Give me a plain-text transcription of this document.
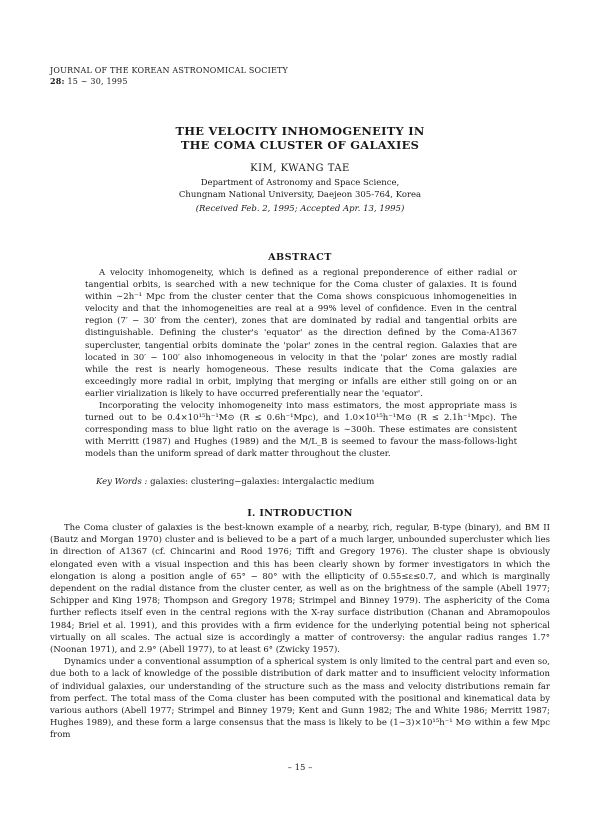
JOURNAL OF THE KOREAN ASTRONOMICAL SOCIETY
28: 15 ∼ 30, 1995
THE VELOCITY INHOMOGENEITY IN
THE COMA CLUSTER OF GALAXIES
KIM, KWANG TAE
Department of Astronomy and Space Science,
Chungnam National University, Daejeon 305-764, Korea
(Received Feb. 2, 1995; Accepted Apr. 13, 1995)
ABSTRACT

A velocity inhomogeneity, which is defined as a regional preponderence of either radial or tangential orbits, is searched with a new technique for the Coma cluster of galaxies. It is found within ∼2h⁻¹ Mpc from the cluster center that the Coma shows conspicuous inhomogeneities in velocity and that the inhomogeneities are real at a 99% level of confidence. Even in the central region (7′ − 30′ from the center), zones that are dominated by radial and tangential orbits are distinguishable. Defining the cluster's 'equator' as the direction defined by the Coma-A1367 supercluster, tangential orbits dominate the 'polar' zones in the central region. Galaxies that are located in 30′ − 100′ also inhomogeneous in velocity in that the 'polar' zones are mostly radial while the rest is nearly homogeneous. These results indicate that the Coma galaxies are exceedingly more radial in orbit, implying that merging or infalls are either still going on or an earlier virialization is likely to have occurred preferentially near the 'equator'.

Incorporating the velocity inhomogeneity into mass estimators, the most appropriate mass is turned out to be 0.4×10¹⁵h⁻¹M⊙ (R ≤ 0.6h⁻¹Mpc), and 1.0×10¹⁵h⁻¹M⊙ (R ≤ 2.1h⁻¹Mpc). The corresponding mass to blue light ratio on the average is ∼300h. These estimates are consistent with Merritt (1987) and Hughes (1989) and the M/L_B is seemed to favour the mass-follows-light models than the uniform spread of dark matter throughout the cluster.

Key Words : galaxies: clustering−galaxies: intergalactic medium
I. INTRODUCTION

The Coma cluster of galaxies is the best-known example of a nearby, rich, regular, B-type (binary), and BM II (Bautz and Morgan 1970) cluster and is believed to be a part of a much larger, unbounded supercluster which lies in direction of A1367 (cf. Chincarini and Rood 1976; Tifft and Gregory 1976). The cluster shape is obviously elongated even with a visual inspection and this has been clearly shown by former investigators in which the elongation is along a position angle of 65° − 80° with the ellipticity of 0.55≤ε≤0.7, and which is marginally dependent on the radial distance from the cluster center, as well as on the brightness of the sample (Abell 1977; Schipper and King 1978; Thompson and Gregory 1978; Strimpel and Binney 1979). The asphericity of the Coma further reflects itself even in the central regions with the X-ray surface distribution (Chanan and Abramopoulos 1984; Briel et al. 1991), and this provides with a firm evidence for the underlying potential being not spherical virtually on all scales. The actual size is accordingly a matter of controversy: the angular radius ranges 1.7° (Noonan 1971), and 2.9° (Abell 1977), to at least 6° (Zwicky 1957).

Dynamics under a conventional assumption of a spherical system is only limited to the central part and even so, due both to a lack of knowledge of the possible distribution of dark matter and to insufficient velocity information of individual galaxies, our understanding of the structure such as the mass and velocity distributions remain far from perfect. The total mass of the Coma cluster has been computed with the positional and kinematical data by various authors (Abell 1977; Strimpel and Binney 1979; Kent and Gunn 1982; The and White 1986; Merritt 1987; Hughes 1989), and these form a large consensus that the mass is likely to be (1∼3)×10¹⁵h⁻¹ M⊙ within a few Mpc from

– 15 –
